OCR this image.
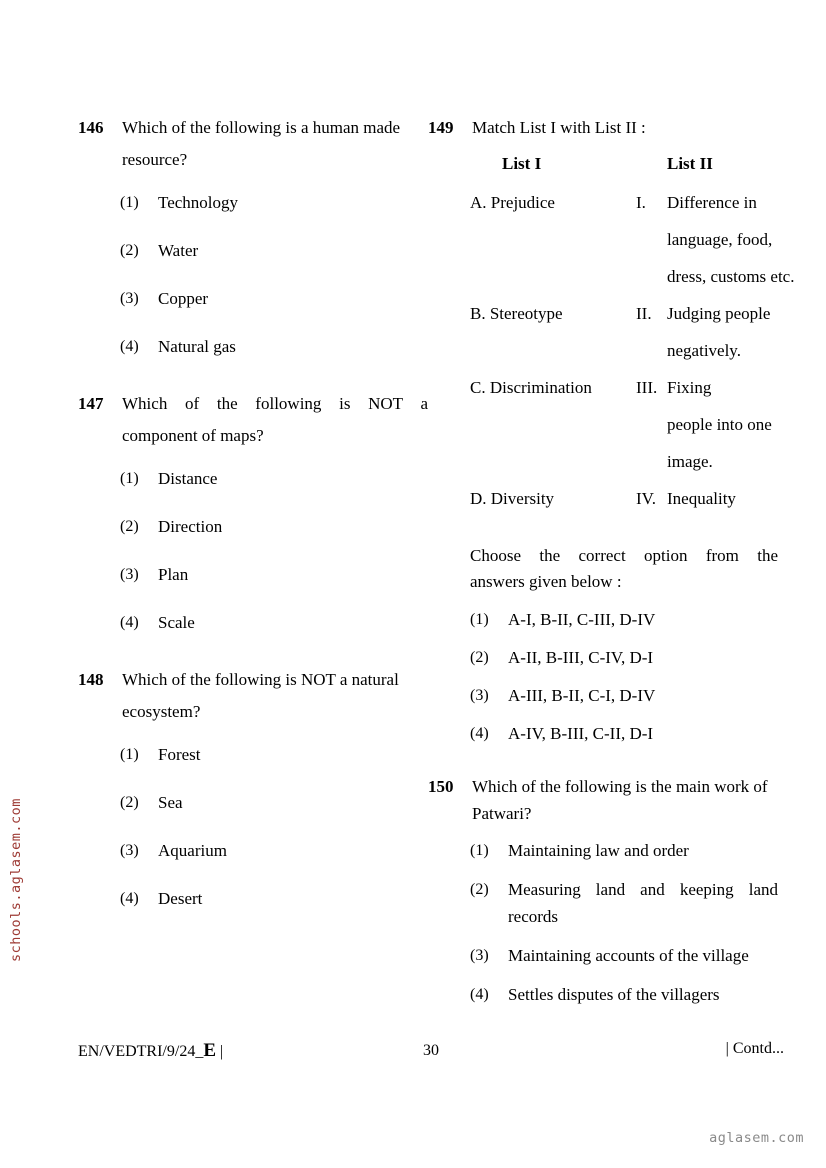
schools.aglasem.com
aglasem.com
146 Which of the following is a human made resource?
(1) Technology
(2) Water
(3) Copper
(4) Natural gas
147 Which of the following is NOT a
component of maps?
(1) Distance
(2) Direction
(3) Plan
(4) Scale
148 Which of the following is NOT a natural ecosystem?
(1) Forest
(2) Sea
(3) Aquarium
(4) Desert
149 Match List I with List II :
List I	List II
A. Prejudice	I. Difference in
language, food,
dress, customs etc.
B. Stereotype	II. Judging people
negatively.
C. Discrimination	III. Fixing
people into one
image.
D. Diversity	IV. Inequality
Choose the correct option from the
answers given below :
(1) A-I, B-II, C-III, D-IV
(2) A-II, B-III, C-IV, D-I
(3) A-III, B-II, C-I, D-IV
(4) A-IV, B-III, C-II, D-I
150 Which of the following is the main work of Patwari?
(1) Maintaining law and order
(2) Measuring land and keeping land
records
(3) Maintaining accounts of the village
(4) Settles disputes of the villagers
EN/VEDTRI/9/24_E |	30	| Contd...
